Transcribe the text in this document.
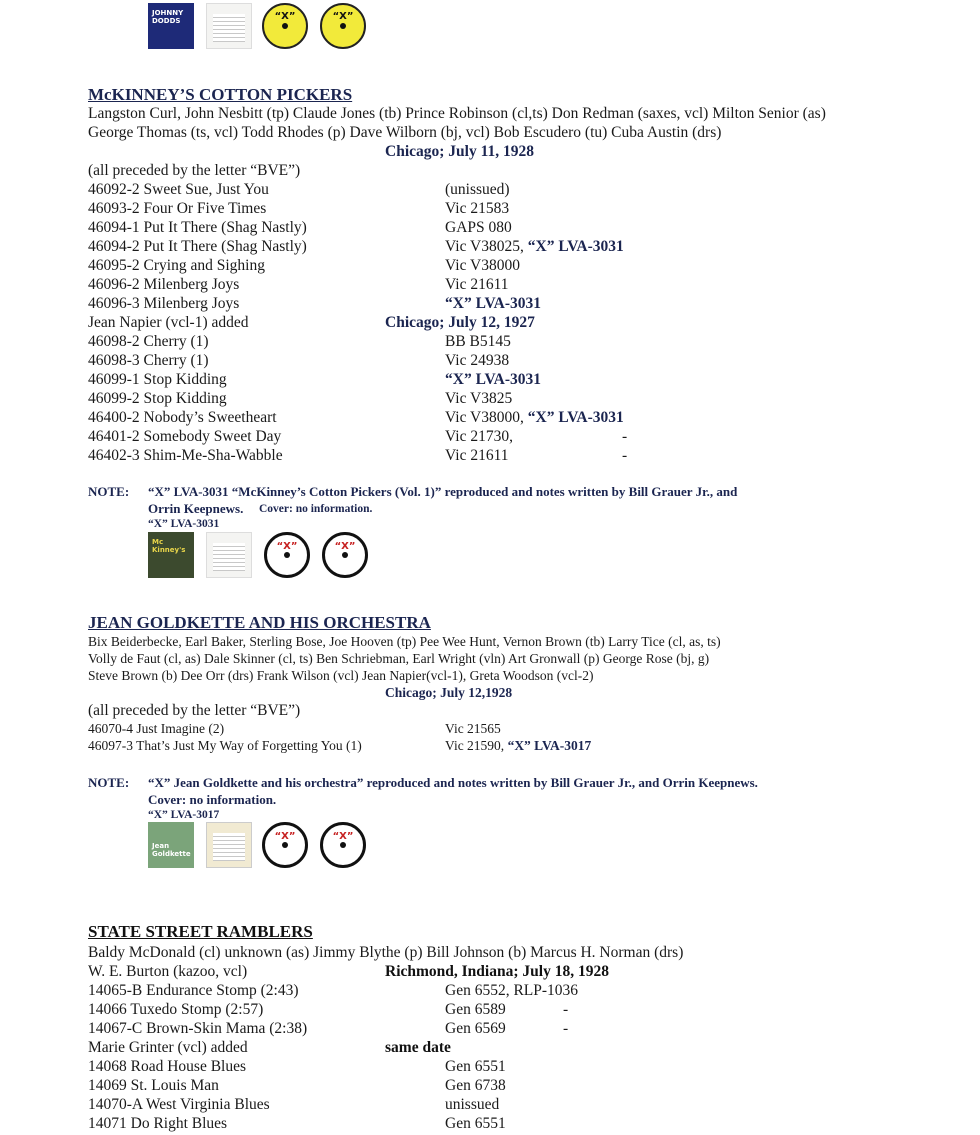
JOHNNY DODDS	“X”	“X”
McKINNEY’S COTTON PICKERS
Langston Curl, John Nesbitt (tp) Claude Jones (tb) Prince Robinson (cl,ts) Don Redman (saxes, vcl) Milton Senior (as)
George Thomas (ts, vcl) Todd Rhodes (p) Dave Wilborn (bj, vcl) Bob Escudero (tu) Cuba Austin (drs)
Chicago; July 11, 1928
(all preceded by the letter “BVE”)
46092-2 Sweet Sue, Just You	(unissued)
46093-2 Four Or Five Times	Vic 21583
46094-1 Put It There (Shag Nastly)	GAPS 080
46094-2 Put It There (Shag Nastly)	Vic V38025, “X” LVA-3031
46095-2 Crying and Sighing	Vic V38000
46096-2 Milenberg Joys	Vic 21611
46096-3 Milenberg Joys	“X” LVA-3031
Jean Napier (vcl-1) added	Chicago; July 12, 1927
46098-2 Cherry (1)	BB B5145
46098-3 Cherry (1)	Vic 24938
46099-1 Stop Kidding	“X” LVA-3031
46099-2 Stop Kidding	Vic V3825
46400-2 Nobody’s Sweetheart	Vic V38000, “X” LVA-3031
46401-2 Somebody Sweet Day	Vic 21730,	-
46402-3 Shim-Me-Sha-Wabble	Vic 21611	-
NOTE: “X” LVA-3031 “McKinney’s Cotton Pickers (Vol. 1)” reproduced and notes written by Bill Grauer Jr., and
Orrin Keepnews. Cover: no information.
“X” LVA-3031
Mc Kinney's	“X”	“X”
JEAN GOLDKETTE AND HIS ORCHESTRA
Bix Beiderbecke, Earl Baker, Sterling Bose, Joe Hooven (tp) Pee Wee Hunt, Vernon Brown (tb) Larry Tice (cl, as, ts)
Volly de Faut (cl, as) Dale Skinner (cl, ts) Ben Schriebman, Earl Wright (vln) Art Gronwall (p) George Rose (bj, g)
Steve Brown (b) Dee Orr (drs) Frank Wilson (vcl) Jean Napier(vcl-1), Greta Woodson (vcl-2)
Chicago; July 12,1928
(all preceded by the letter “BVE”)
46070-4 Just Imagine (2)	Vic 21565
46097-3 That’s Just My Way of Forgetting You (1)	Vic 21590, “X” LVA-3017
NOTE: “X” Jean Goldkette and his orchestra” reproduced and notes written by Bill Grauer Jr., and Orrin Keepnews.
Cover: no information.
“X” LVA-3017
Jean Goldkette
“X”	“X”
STATE STREET RAMBLERS
Baldy McDonald (cl) unknown (as) Jimmy Blythe (p) Bill Johnson (b) Marcus H. Norman (drs)
W. E. Burton (kazoo, vcl)	Richmond, Indiana; July 18, 1928
14065-B Endurance Stomp (2:43)	Gen 6552, RLP-1036
14066 Tuxedo Stomp (2:57)	Gen 6589	-
14067-C Brown-Skin Mama (2:38)	Gen 6569	-
Marie Grinter (vcl) added	same date
14068 Road House Blues	Gen 6551
14069 St. Louis Man	Gen 6738
14070-A West Virginia Blues	unissued
14071 Do Right Blues	Gen 6551
